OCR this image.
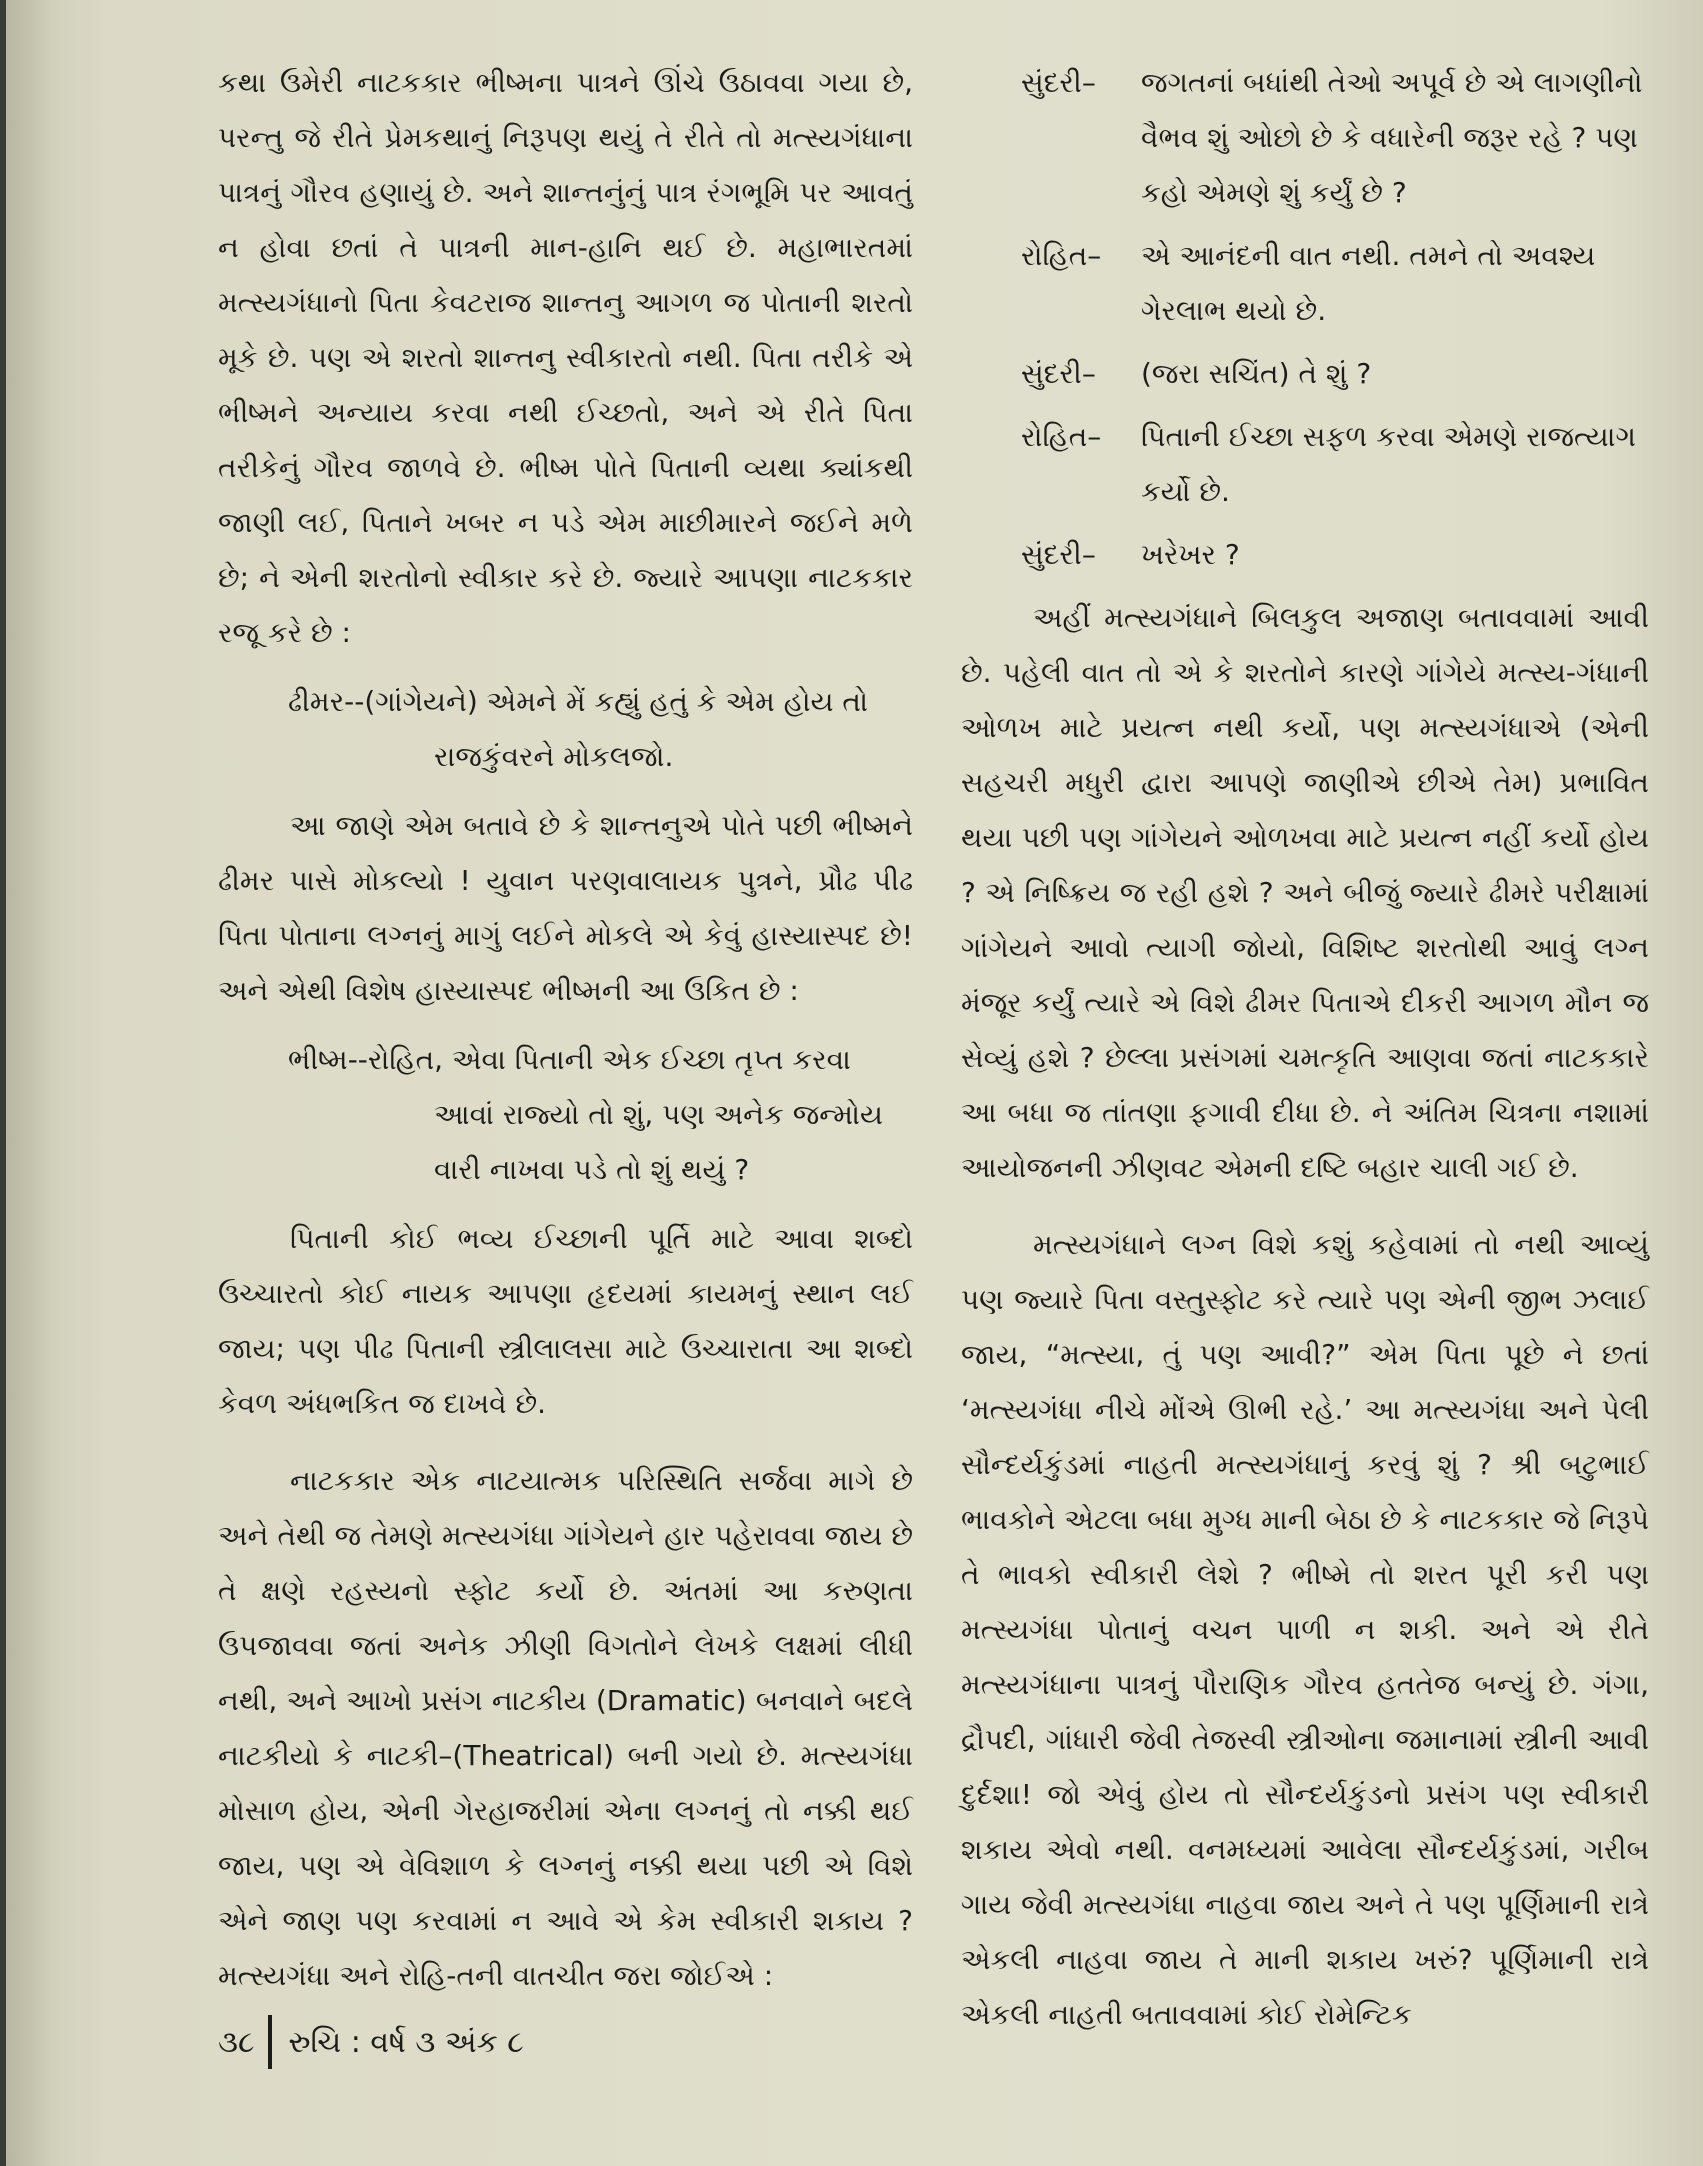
કથા ઉમેરી નાટકકાર ભીષ્મના પાત્રને ઊંચે ઉઠાવવા ગયા છે, પરન્તુ જે રીતે પ્રેમકથાનું નિરૂપણ થયું તે રીતે તો મત્સ્યગંધાના પાત્રનું ગૌરવ હણાયું છે. અને શાન્તનુંનું પાત્ર રંગભૂમિ પર આવતું ન હોવા છતાં તે પાત્રની માન-હાનિ થઈ છે. મહાભારતમાં મત્સ્યગંધાનો પિતા કેવટરાજ શાન્તનુ આગળ જ પોતાની શરતો મૂકે છે. પણ એ શરતો શાન્તનુ સ્વીકારતો નથી. પિતા તરીકે એ ભીષ્મને અન્યાય કરવા નથી ઈચ્છતો, અને એ રીતે પિતા તરીકેનું ગૌરવ જાળવે છે. ભીષ્મ પોતે પિતાની વ્યથા ક્યાંકથી જાણી લઈ, પિતાને ખબર ન પડે એમ માછીમારને જઈને મળે છે; ને એની શરતોનો સ્વીકાર કરે છે. જ્યારે આપણા નાટકકાર રજૂ કરે છે :

ઢીમર--(ગાંગેયને) એમને મેં કહ્યું હતું કે એમ હોય તો રાજકુંવરને મોકલજો.

આ જાણે એમ બતાવે છે કે શાન્તનુએ પોતે પછી ભીષ્મને ઢીમર પાસે મોકલ્યો ! યુવાન પરણવાલાયક પુત્રને, પ્રૌઢ પીઢ પિતા પોતાના લગ્નનું માગું લઈને મોકલે એ કેવું હાસ્યાસ્પદ છે! અને એથી વિશેષ હાસ્યાસ્પદ ભીષ્મની આ ઉકિત છે :

ભીષ્મ--રોહિત, એવા પિતાની એક ઈચ્છા તૃપ્ત કરવા આવાં રાજ્યો તો શું, પણ અનેક જન્મોય વારી નાખવા પડે તો શું થયું ?

પિતાની કોઈ ભવ્ય ઈચ્છાની પૂર્તિ માટે આવા શબ્દો ઉચ્ચારતો કોઈ નાયક આપણા હૃદયમાં કાયમનું સ્થાન લઈ જાય; પણ પીઢ પિતાની સ્ત્રીલાલસા માટે ઉચ્ચારાતા આ શબ્દો કેવળ અંધભકિત જ દાખવે છે.

નાટકકાર એક નાટયાત્મક પરિસ્થિતિ સર્જવા માગે છે અને તેથી જ તેમણે મત્સ્યગંધા ગાંગેયને હાર પહેરાવવા જાય છે તે ક્ષણે રહસ્યનો સ્ફોટ કર્યો છે. અંતમાં આ કરુણતા ઉપજાવવા જતાં અનેક ઝીણી વિગતોને લેખકે લક્ષમાં લીધી નથી, અને આખો પ્રસંગ નાટકીય (Dramatic) બનવાને બદલે નાટકીયો કે નાટકી–(Theatrical) બની ગયો છે. મત્સ્યગંધા મોસાળ હોય, એની ગેરહાજરીમાં એના લગ્નનું તો નક્કી થઈ જાય, પણ એ વેવિશાળ કે લગ્નનું નક્કી થયા પછી એ વિશે એને જાણ પણ કરવામાં ન આવે એ કેમ સ્વીકારી શકાય ? મત્સ્યગંધા અને રોહિ-તની વાતચીત જરા જોઈએ :

સુંદરી–	જગતનાં બધાંથી તેઓ અપૂર્વ છે એ લાગણીનો વૈભવ શું ઓછો છે કે વધારેની જરૂર રહે ? પણ કહો એમણે શું કર્યું છે ?
રોહિત–	એ આનંદની વાત નથી. તમને તો અવશ્ય ગેરલાભ થયો છે.
સુંદરી–	(જરા સચિંત) તે શું ?
રોહિત–	પિતાની ઈચ્છા સફળ કરવા એમણે રાજત્યાગ કર્યો છે.
સુંદરી–	ખરેખર ?

અહીં મત્સ્યગંધાને બિલકુલ અજાણ બતાવવામાં આવી છે. પહેલી વાત તો એ કે શરતોને કારણે ગાંગેયે મત્સ્ય-ગંધાની ઓળખ માટે પ્રયત્ન નથી કર્યો, પણ મત્સ્યગંધાએ (એની સહચરી મધુરી દ્વારા આપણે જાણીએ છીએ તેમ) પ્રભાવિત થયા પછી પણ ગાંગેયને ઓળખવા માટે પ્રયત્ન નહીં કર્યો હોય ? એ નિષ્ક્રિય જ રહી હશે ? અને બીજું જ્યારે ઢીમરે પરીક્ષામાં ગાંગેયને આવો ત્યાગી જોયો, વિશિષ્ટ શરતોથી આવું લગ્ન મંજૂર કર્યું ત્યારે એ વિશે ઢીમર પિતાએ દીકરી આગળ મૌન જ સેવ્યું હશે ? છેલ્લા પ્રસંગમાં ચમત્કૃતિ આણવા જતાં નાટકકારે આ બધા જ તાંતણા ફગાવી દીધા છે. ને અંતિમ ચિત્રના નશામાં આયોજનની ઝીણવટ એમની દષ્ટિ બહાર ચાલી ગઈ છે.

મત્સ્યગંધાને લગ્ન વિશે કશું કહેવામાં તો નથી આવ્યું પણ જ્યારે પિતા વસ્તુસ્ફોટ કરે ત્યારે પણ એની જીભ ઝલાઈ જાય, “મત્સ્યા, તું પણ આવી?” એમ પિતા પૂછે ને છતાં ‘મત્સ્યગંધા નીચે મોંએ ઊભી રહે.’ આ મત્સ્યગંધા અને પેલી સૌન્દર્યકુંડમાં નાહતી મત્સ્યગંધાનું કરવું શું ? શ્રી બટુભાઈ ભાવકોને એટલા બધા મુગ્ધ માની બેઠા છે કે નાટકકાર જે નિરૂપે તે ભાવકો સ્વીકારી લેશે ? ભીષ્મે તો શરત પૂરી કરી પણ મત્સ્યગંધા પોતાનું વચન પાળી ન શકી. અને એ રીતે મત્સ્યગંધાના પાત્રનું પૌરાણિક ગૌરવ હતતેજ બન્યું છે. ગંગા, દ્રૌપદી, ગાંધારી જેવી તેજસ્વી સ્ત્રીઓના જમાનામાં સ્ત્રીની આવી દુર્દશા! જો એવું હોય તો સૌન્દર્યકુંડનો પ્રસંગ પણ સ્વીકારી શકાય એવો નથી. વનમધ્યમાં આવેલા સૌન્દર્યકુંડમાં, ગરીબ ગાય જેવી મત્સ્યગંધા નાહવા જાય અને તે પણ પૂર્ણિમાની રાત્રે એકલી નાહવા જાય તે માની શકાય ખરું? પૂર્ણિમાની રાત્રે એકલી નાહતી બતાવવામાં કોઈ રોમેન્ટિક

૩૮ રુચિ : વર્ષ ૩ અંક ૮
